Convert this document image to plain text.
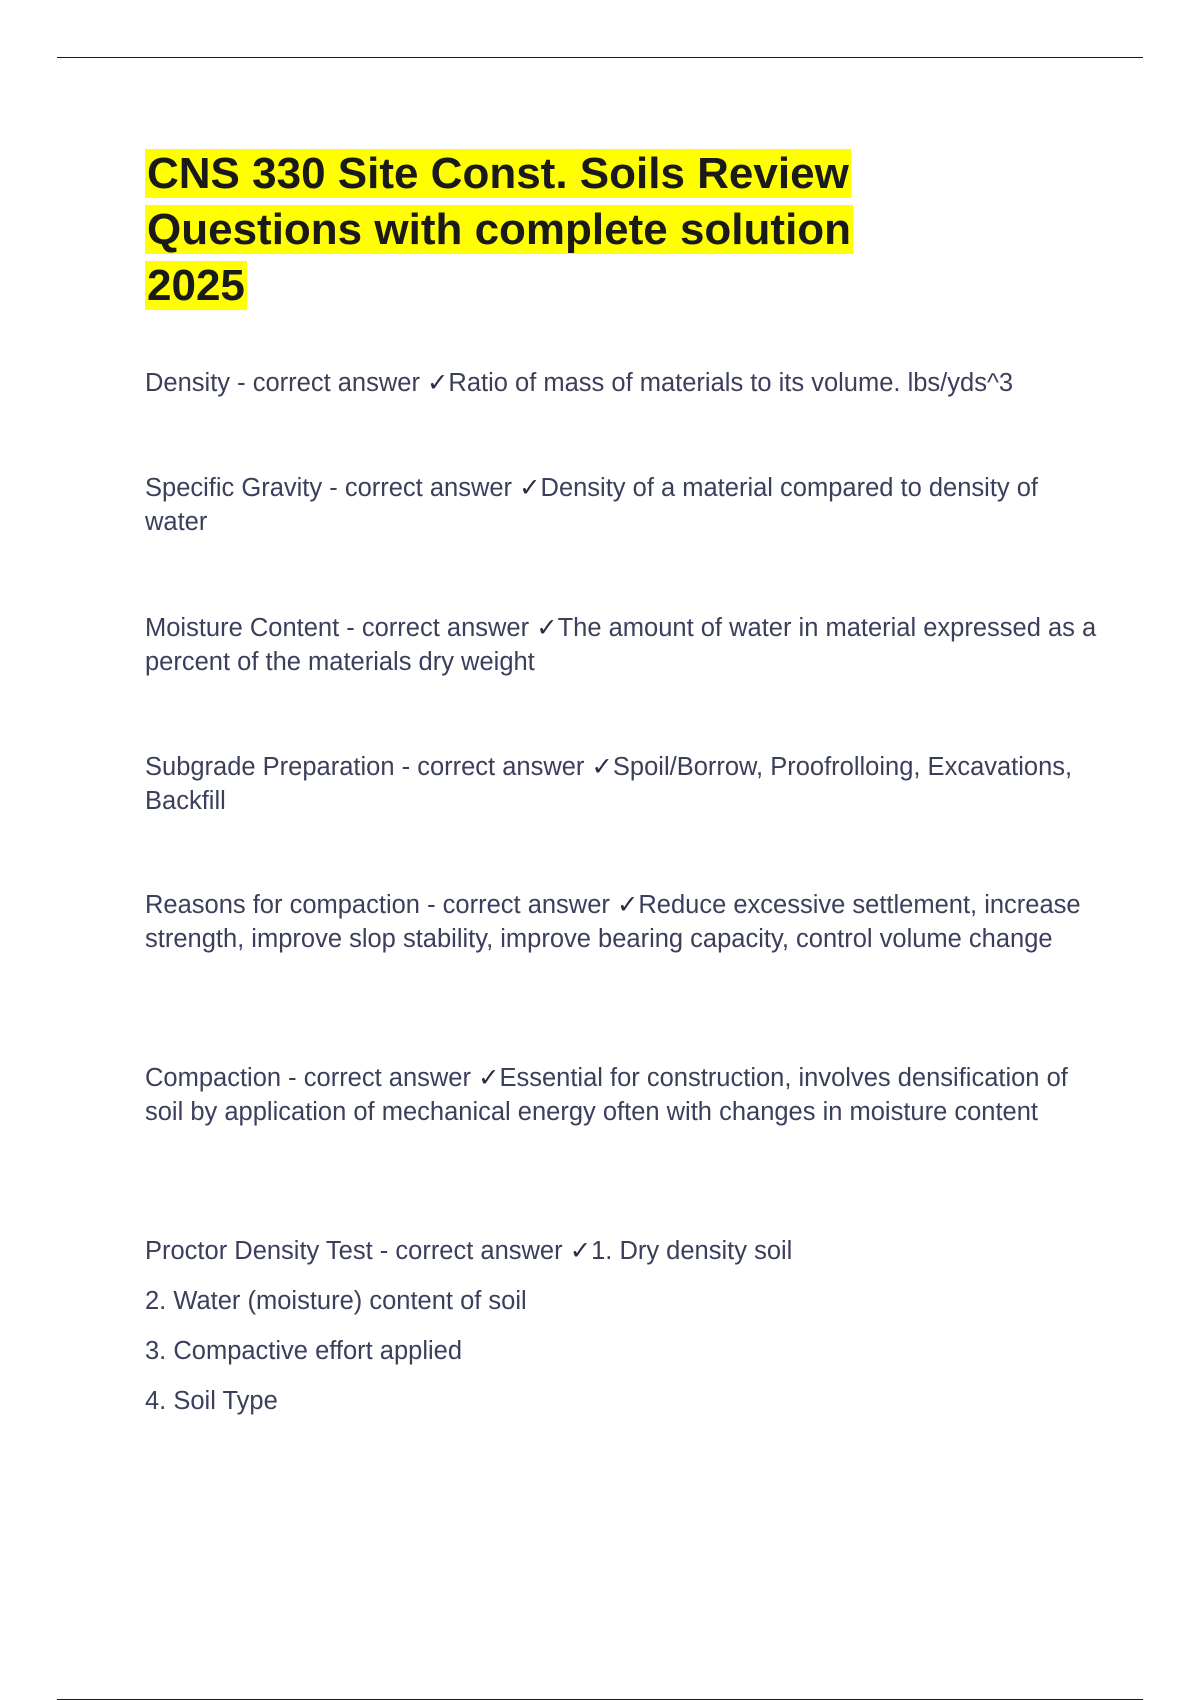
CNS 330 Site Const. Soils Review
Questions with complete solution
2025
Density - correct answer ✓Ratio of mass of materials to its volume. lbs/yds^3
Specific Gravity - correct answer ✓Density of a material compared to density of water
Moisture Content - correct answer ✓The amount of water in material expressed as a percent of the materials dry weight
Subgrade Preparation - correct answer ✓Spoil/Borrow, Proofrolloing, Excavations, Backfill
Reasons for compaction - correct answer ✓Reduce excessive settlement, increase strength, improve slop stability, improve bearing capacity, control volume change
Compaction - correct answer ✓Essential for construction, involves densification of soil by application of mechanical energy often with changes in moisture content
Proctor Density Test - correct answer ✓1. Dry density soil
2. Water (moisture) content of soil
3. Compactive effort applied
4. Soil Type
